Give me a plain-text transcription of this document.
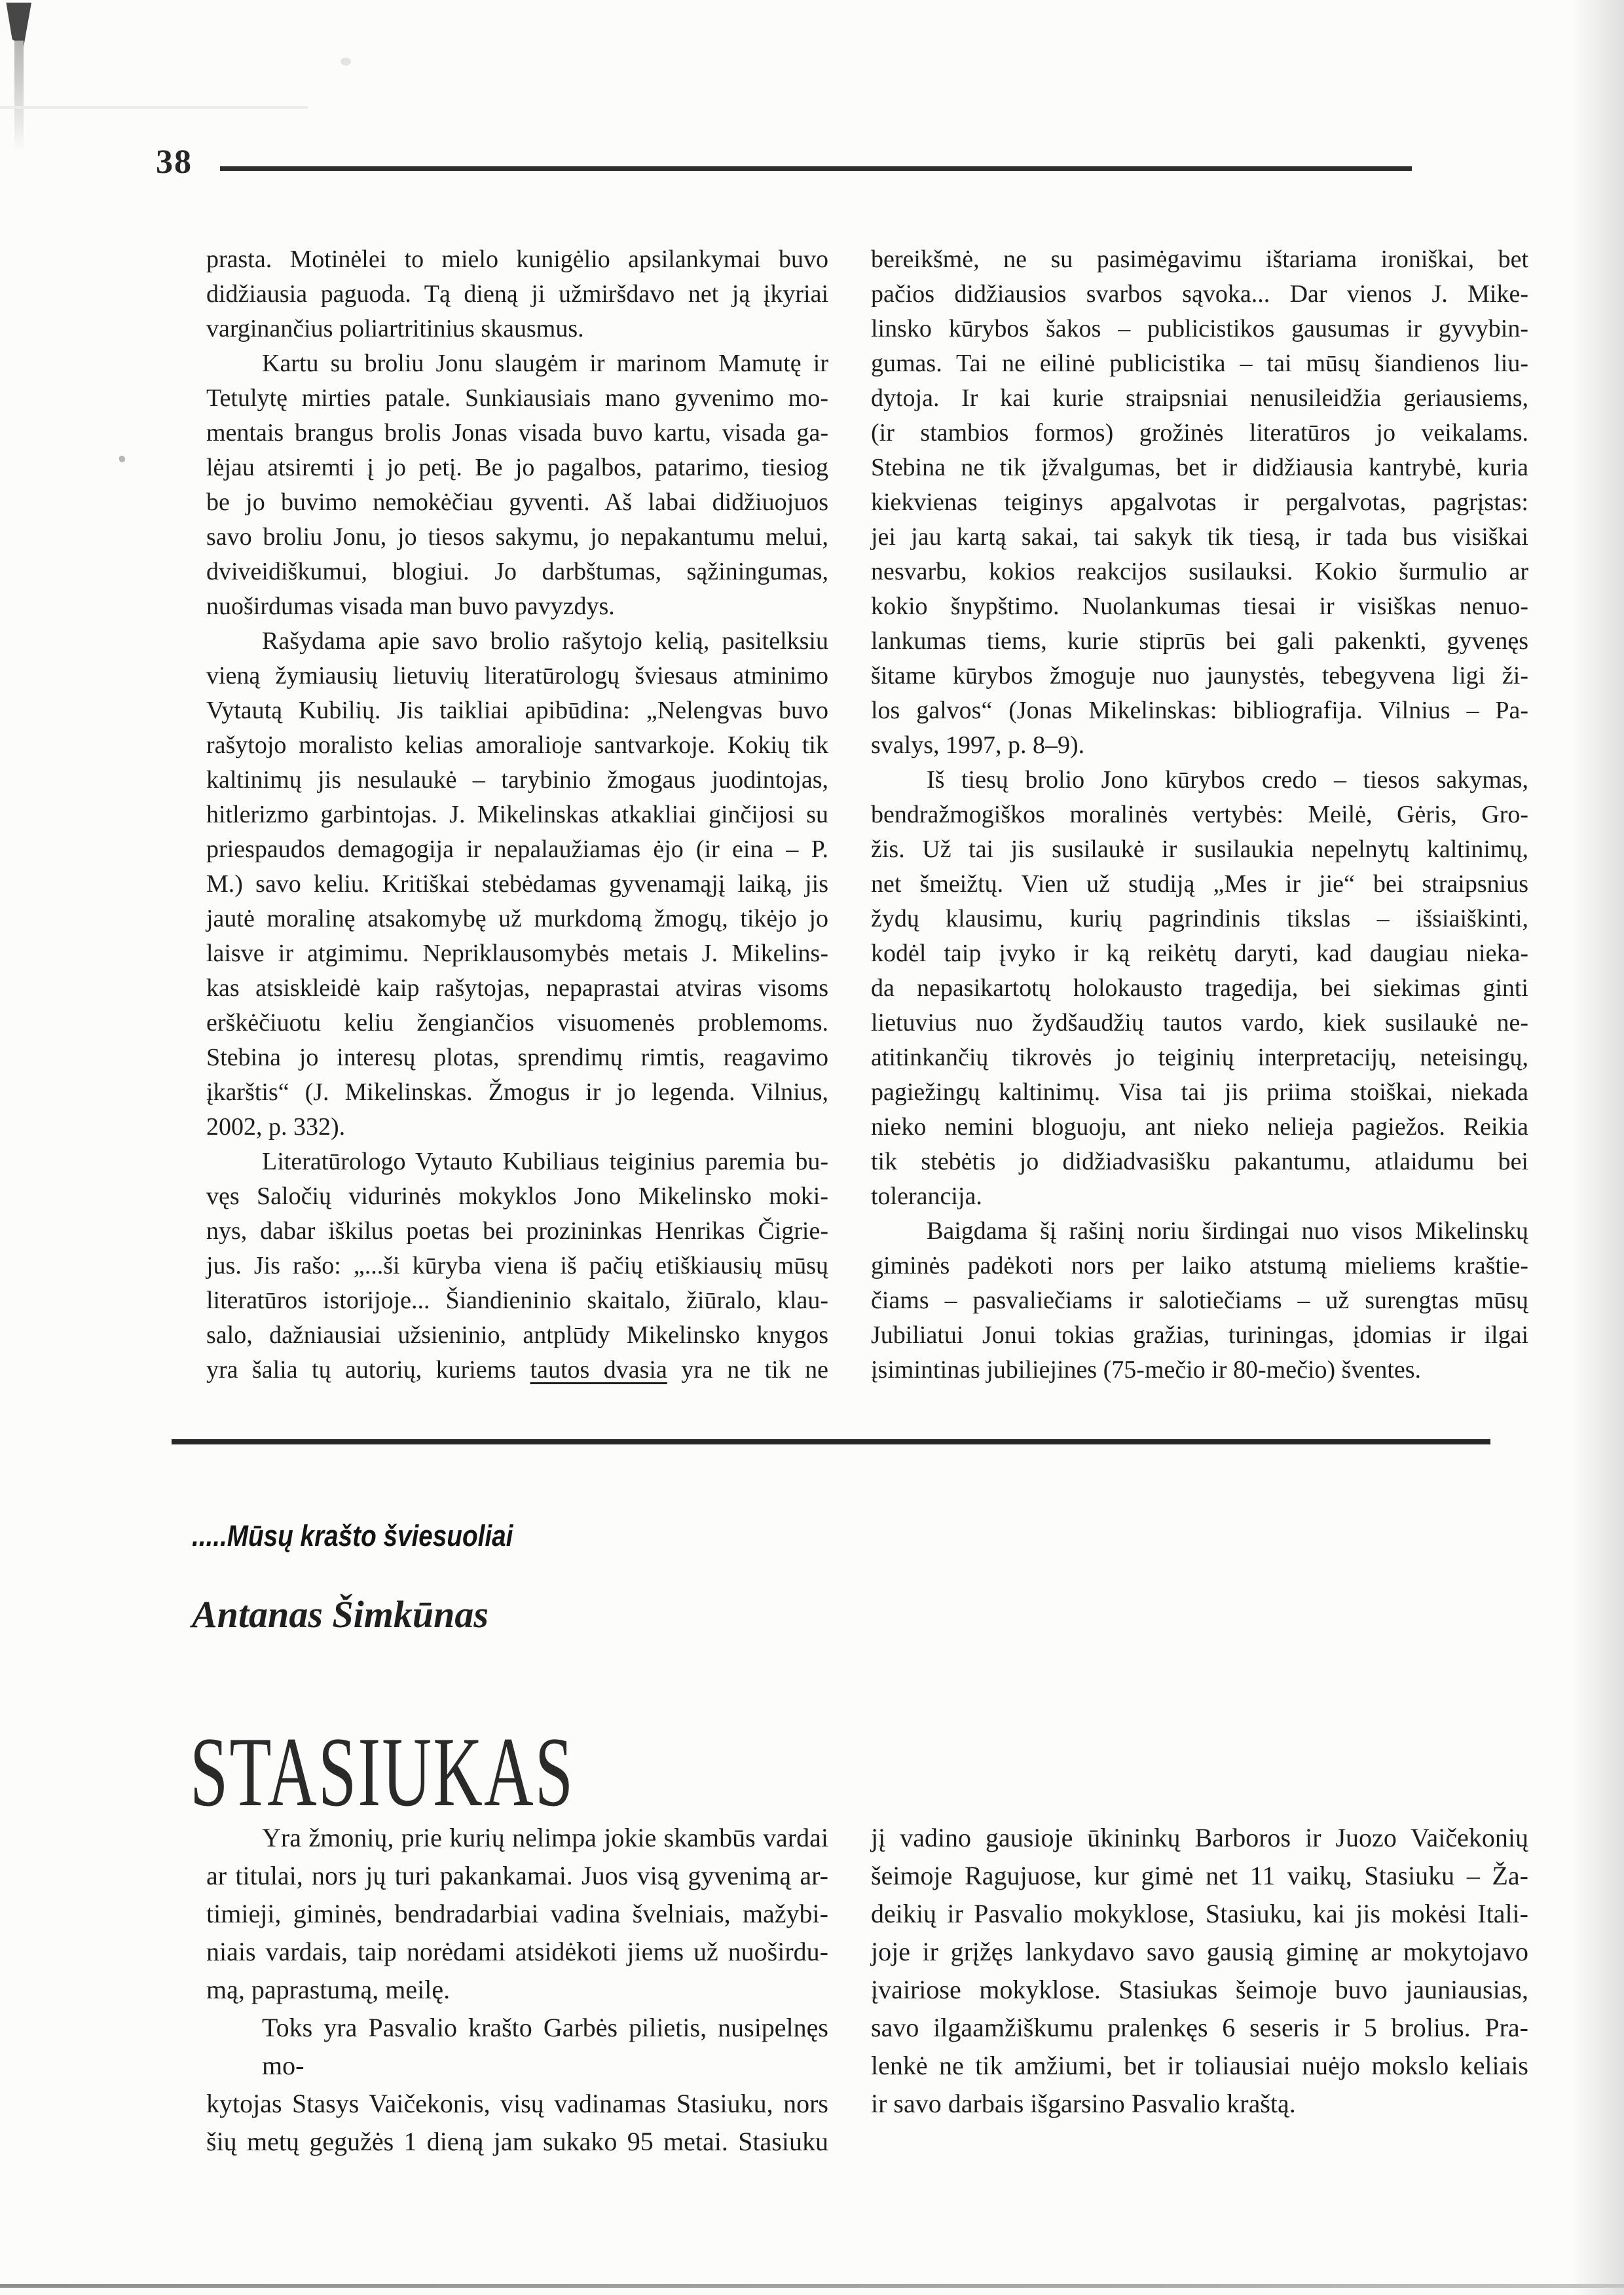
38
prasta. Motinėlei to mielo kunigėlio apsilankymai buvo
didžiausia paguoda. Tą dieną ji užmiršdavo net ją įkyriai
varginančius poliartritinius skausmus.
Kartu su broliu Jonu slaugėm ir marinom Mamutę ir
Tetulytę mirties patale. Sunkiausiais mano gyvenimo mo-
mentais brangus brolis Jonas visada buvo kartu, visada ga-
lėjau atsiremti į jo petį. Be jo pagalbos, patarimo, tiesiog
be jo buvimo nemokėčiau gyventi. Aš labai didžiuojuos
savo broliu Jonu, jo tiesos sakymu, jo nepakantumu melui,
dviveidiškumui, blogiui. Jo darbštumas, sąžiningumas,
nuoširdumas visada man buvo pavyzdys.
Rašydama apie savo brolio rašytojo kelią, pasitelksiu
vieną žymiausių lietuvių literatūrologų šviesaus atminimo
Vytautą Kubilių. Jis taikliai apibūdina: „Nelengvas buvo
rašytojo moralisto kelias amoralioje santvarkoje. Kokių tik
kaltinimų jis nesulaukė – tarybinio žmogaus juodintojas,
hitlerizmo garbintojas. J. Mikelinskas atkakliai ginčijosi su
priespaudos demagogija ir nepalaužiamas ėjo (ir eina – P.
M.) savo keliu. Kritiškai stebėdamas gyvenamąjį laiką, jis
jautė moralinę atsakomybę už murkdomą žmogų, tikėjo jo
laisve ir atgimimu. Nepriklausomybės metais J. Mikelins-
kas atsiskleidė kaip rašytojas, nepaprastai atviras visoms
erškėčiuotu keliu žengiančios visuomenės problemoms.
Stebina jo interesų plotas, sprendimų rimtis, reagavimo
įkarštis“ (J. Mikelinskas. Žmogus ir jo legenda. Vilnius,
2002, p. 332).
Literatūrologo Vytauto Kubiliaus teiginius paremia bu-
vęs Saločių vidurinės mokyklos Jono Mikelinsko moki-
nys, dabar iškilus poetas bei prozininkas Henrikas Čigrie-
jus. Jis rašo: „...ši kūryba viena iš pačių etiškiausių mūsų
literatūros istorijoje... Šiandieninio skaitalo, žiūralo, klau-
salo, dažniausiai užsieninio, antplūdy Mikelinsko knygos
yra šalia tų autorių, kuriems tautos dvasia yra ne tik ne
bereikšmė, ne su pasimėgavimu ištariama ironiškai, bet
pačios didžiausios svarbos sąvoka... Dar vienos J. Mike-
linsko kūrybos šakos – publicistikos gausumas ir gyvybin-
gumas. Tai ne eilinė publicistika – tai mūsų šiandienos liu-
dytoja. Ir kai kurie straipsniai nenusileidžia geriausiems,
(ir stambios formos) grožinės literatūros jo veikalams.
Stebina ne tik įžvalgumas, bet ir didžiausia kantrybė, kuria
kiekvienas teiginys apgalvotas ir pergalvotas, pagrįstas:
jei jau kartą sakai, tai sakyk tik tiesą, ir tada bus visiškai
nesvarbu, kokios reakcijos susilauksi. Kokio šurmulio ar
kokio šnypštimo. Nuolankumas tiesai ir visiškas nenuo-
lankumas tiems, kurie stiprūs bei gali pakenkti, gyvenęs
šitame kūrybos žmoguje nuo jaunystės, tebegyvena ligi ži-
los galvos“ (Jonas Mikelinskas: bibliografija. Vilnius – Pa-
svalys, 1997, p. 8–9).
Iš tiesų brolio Jono kūrybos credo – tiesos sakymas,
bendražmogiškos moralinės vertybės: Meilė, Gėris, Gro-
žis. Už tai jis susilaukė ir susilaukia nepelnytų kaltinimų,
net šmeižtų. Vien už studiją „Mes ir jie“ bei straipsnius
žydų klausimu, kurių pagrindinis tikslas – išsiaiškinti,
kodėl taip įvyko ir ką reikėtų daryti, kad daugiau nieka-
da nepasikartotų holokausto tragedija, bei siekimas ginti
lietuvius nuo žydšaudžių tautos vardo, kiek susilaukė ne-
atitinkančių tikrovės jo teiginių interpretacijų, neteisingų,
pagiežingų kaltinimų. Visa tai jis priima stoiškai, niekada
nieko nemini bloguoju, ant nieko nelieja pagiežos. Reikia
tik stebėtis jo didžiadvasišku pakantumu, atlaidumu bei
tolerancija.
Baigdama šį rašinį noriu širdingai nuo visos Mikelinskų
giminės padėkoti nors per laiko atstumą mieliems kraštie-
čiams – pasvaliečiams ir salotiečiams – už surengtas mūsų
Jubiliatui Jonui tokias gražias, turiningas, įdomias ir ilgai
įsimintinas jubiliejines (75-mečio ir 80-mečio) šventes.
.....Mūsų krašto šviesuoliai
Antanas Šimkūnas
STASIUKAS
Yra žmonių, prie kurių nelimpa jokie skambūs vardai
ar titulai, nors jų turi pakankamai. Juos visą gyvenimą ar-
timieji, giminės, bendradarbiai vadina švelniais, mažybi-
niais vardais, taip norėdami atsidėkoti jiems už nuoširdu-
mą, paprastumą, meilę.
Toks yra Pasvalio krašto Garbės pilietis, nusipelnęs mo-
kytojas Stasys Vaičekonis, visų vadinamas Stasiuku, nors
šių metų gegužės 1 dieną jam sukako 95 metai. Stasiuku
jį vadino gausioje ūkininkų Barboros ir Juozo Vaičekonių
šeimoje Ragujuose, kur gimė net 11 vaikų, Stasiuku – Ža-
deikių ir Pasvalio mokyklose, Stasiuku, kai jis mokėsi Itali-
joje ir grįžęs lankydavo savo gausią giminę ar mokytojavo
įvairiose mokyklose. Stasiukas šeimoje buvo jauniausias,
savo ilgaamžiškumu pralenkęs 6 seseris ir 5 brolius. Pra-
lenkė ne tik amžiumi, bet ir toliausiai nuėjo mokslo keliais
ir savo darbais išgarsino Pasvalio kraštą.
